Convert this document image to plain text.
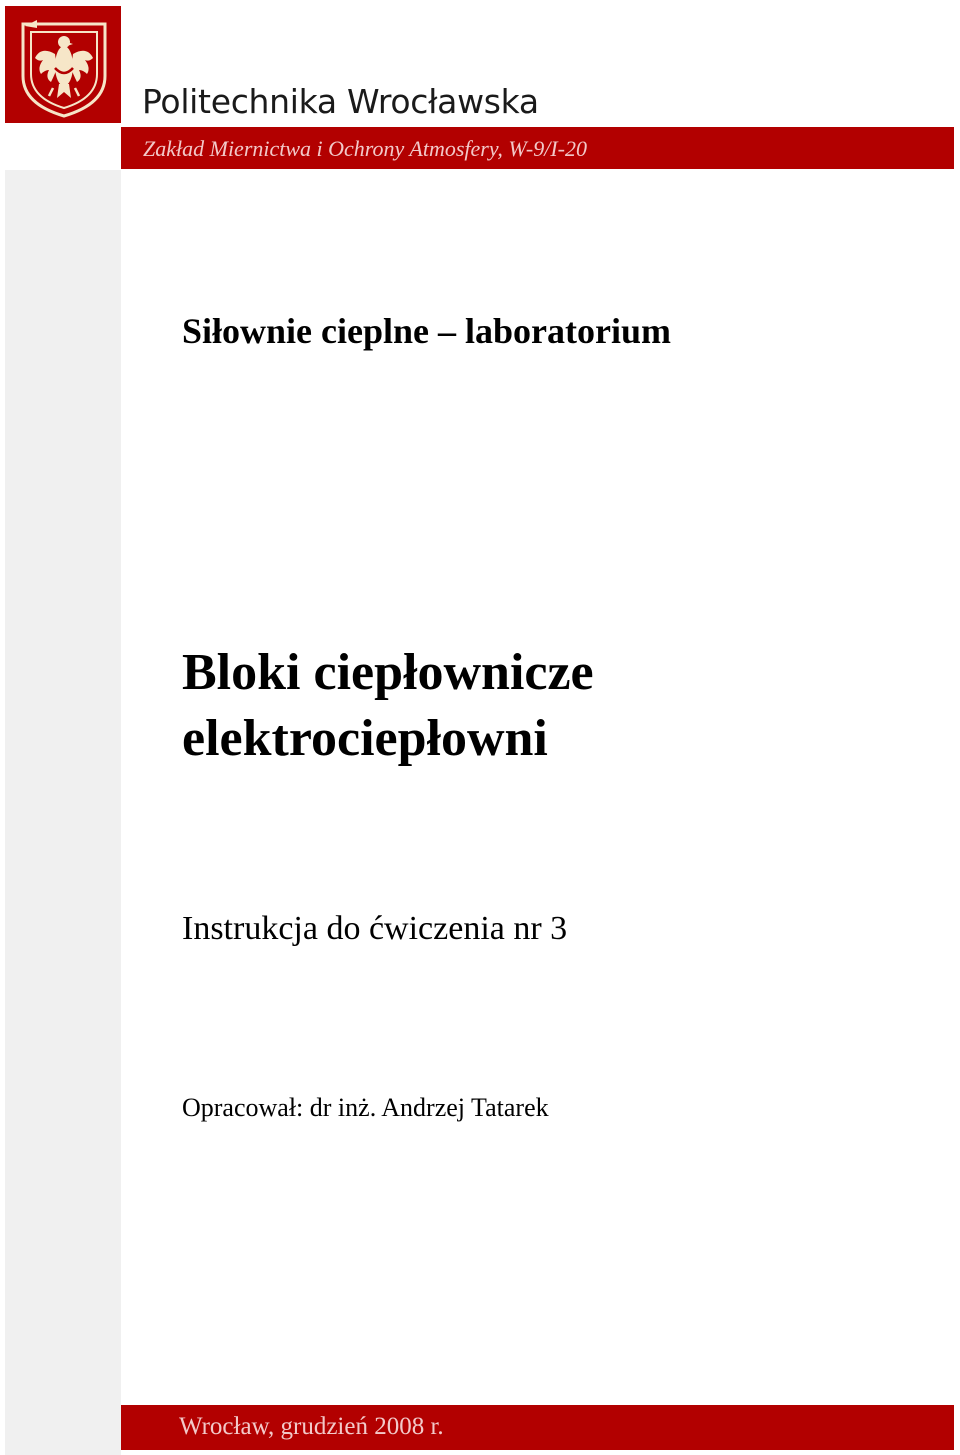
Politechnika Wrocławska
Zakład Miernictwa i Ochrony Atmosfery, W-9/I-20
Siłownie cieplne – laboratorium
Bloki ciepłownicze
elektrociepłowni
Instrukcja do ćwiczenia nr 3
Opracował: dr inż. Andrzej Tatarek
Wrocław, grudzień 2008 r.
